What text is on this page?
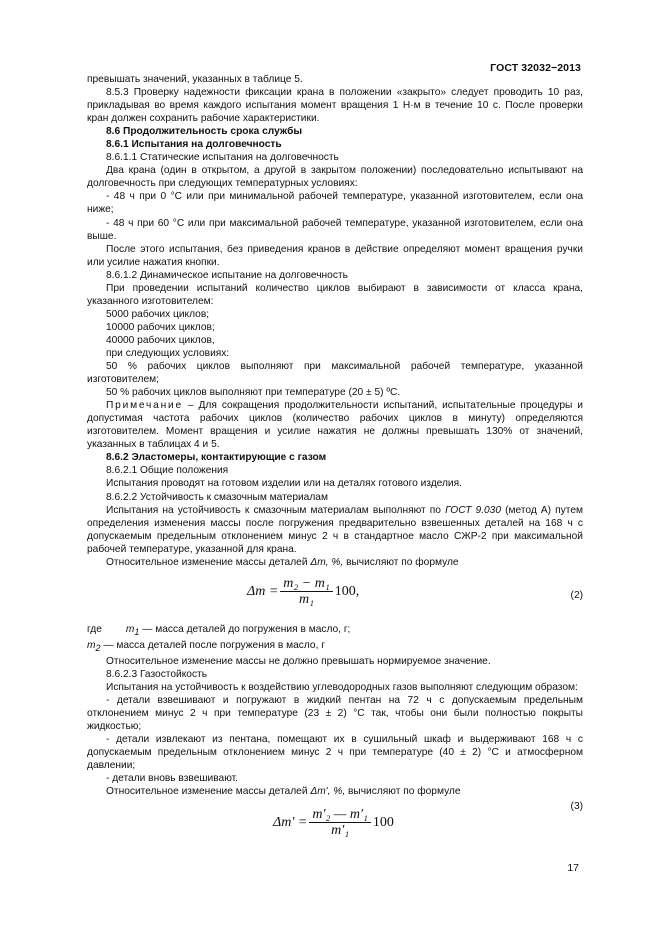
ГОСТ 32032−2013

превышать значений, указанных в таблице 5.

8.5.3 Проверку надежности фиксации крана в положении «закрыто» следует проводить 10 раз, прикладывая во время каждого испытания момент вращения 1 Н·м в течение 10 с. После проверки кран должен сохранить рабочие характеристики.

8.6 Продолжительность срока службы

8.6.1 Испытания на долговечность

8.6.1.1 Статические испытания на долговечность

Два крана (один в открытом, а другой в закрытом положении) последовательно испытывают на долговечность при следующих температурных условиях:

- 48 ч при 0 °С или при минимальной рабочей температуре, указанной изготовителем, если она ниже;

- 48 ч при 60 °С или при максимальной рабочей температуре, указанной изготовителем, если она выше.

После этого испытания, без приведения кранов в действие определяют момент вращения ручки или усилие нажатия кнопки.

8.6.1.2 Динамическое испытание на долговечность

При проведении испытаний количество циклов выбирают в зависимости от класса крана, указанного изготовителем:

5000 рабочих циклов;

10000 рабочих циклов;

40000 рабочих циклов,

при следующих условиях:

50 % рабочих циклов выполняют при максимальной рабочей температуре, указанной изготовителем;

50 % рабочих циклов выполняют при температуре (20 ± 5) ºС.

Примечание – Для сокращения продолжительности испытаний, испытательные процедуры и допустимая частота рабочих циклов (количество рабочих циклов в минуту) определяются изготовителем. Момент вращения и усилие нажатия не должны превышать 130% от значений, указанных в таблицах 4 и 5.

8.6.2 Эластомеры, контактирующие с газом

8.6.2.1 Общие положения

Испытания проводят на готовом изделии или на деталях готового изделия.

8.6.2.2 Устойчивость к смазочным материалам

Испытания на устойчивость к смазочным материалам выполняют по ГОСТ 9.030 (метод А) путем определения изменения массы после погружения предварительно взвешенных деталей на 168 ч с допускаемым предельным отклонением минус 2 ч в стандартное масло СЖР-2 при максимальной рабочей температуре, указанной для крана.

Относительное изменение массы деталей Δm, %, вычисляют по формуле

$\Delta m = \frac{\text{m₂ − m₁}}{\text{m₁}} 100$ ,	(2)

где $m_1$ — масса деталей до погружения в масло, г;

$m_2$ — масса деталей после погружения в масло, г

Относительное изменение массы не должно превышать нормируемое значение.

8.6.2.3 Газостойкость

Испытания на устойчивость к воздействию углеводородных газов выполняют следующим образом:

- детали взвешивают и погружают в жидкий пентан на 72 ч с допускаемым предельным отклонением минус 2 ч при температуре (23 ± 2) °С так, чтобы они были полностью покрыты жидкостью;

- детали извлекают из пентана, помещают их в сушильный шкаф и выдерживают 168 ч с допускаемым предельным отклонением минус 2 ч при температуре (40 ± 2) °С и атмосферном давлении;

- детали вновь взвешивают.

Относительное изменение массы деталей Δm', %, вычисляют по формуле

$\Delta m' = \frac{\text{m′₂ — m′₁}}{\text{m′₁}} 100$
(3)
17
